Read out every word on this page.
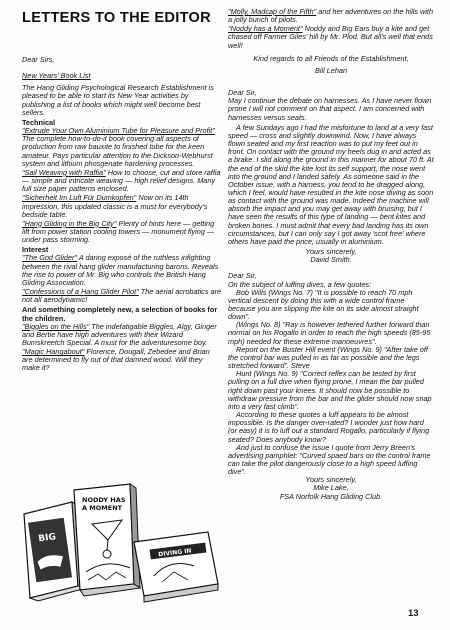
LETTERS TO THE EDITOR

Dear Sirs,

New Years' Book List

The Hang Gliding Psychological Research Establishment is pleased to be able to start its New Year activities by publishing a list of books which might well become best sellers.

Technical

"Extrude Your Own Aluminium Tube for Pleasure and Profit" The complete how-to-do-it book covering all aspects of production from raw bauxite to finished tube for the keen amateur. Pays particular attention to the Dickson-Webhurst system and lithium phosgenate hardening processes.

"Sail Weaving with Raffia" How to choose, cut and store raffia — simple and intricate weaving — high relief designs. Many full size paper patterns enclosed.

"Sicherheit Im Luft Für Dumkopfen" Now on its 14th impression, this updated classic is a must for everybody's bedside table.

"Hang Gliding in the Big City" Plenty of hints here — getting lift from power station cooling towers — monument flying — under pass storming.

Interest

"The God Glider" A daring exposé of the ruthless infighting between the rival hang glider manufacturing barons. Reveals the rise to power of Mr. Big who controls the British Hang Gliding Association.

"Confessions of a Hang Glider Pilot" The aerial acrobatics are not all aerodynamic!

And something completely new, a selection of books for the children.

"Biggles on the Hills" The indefatigable Biggles, Algy, Ginger and Bertie have high adventures with their Wizard Bumskreetch Special. A must for the adventuresome boy.

"Magic Hangabout" Florence, Dougall, Zebedee and Brian are determined to fly out of that damned wood. Will they make it?

BIG
NODDY HAS
A MOMENT
DIVING IN

"Molly, Madcap of the Fifth" and her adventures on the hills with a jolly bunch of pilots.

"Noddy has a Moment" Noddy and Big Ears buy a kite and get chased off Farmer Giles' hill by Mr. Plod. But all's well that ends well!

Kind regards to all Friends of the Establishment,

Bill Lehan

Dear Sir,

May I continue the debate on harnesses. As I have never flown prone I will not comment on that aspect. I am concerned with harnesses versus seats.

A few Sundays ago I had the misfortune to land at a very fast speed — cross and slightly downwind. Now, I have always flown seated and my first reaction was to put my feet out in front. On contact with the ground my heels dug in and acted as a brake. I slid along the ground in this manner for about 70 ft. At the end of the skid the kite lost its self support, the nose went into the ground and I landed safely. As someone said in the October issue, with a harness, you tend to be dragged along, which I feel, would have resulted in the kite nose diving as soon as contact with the ground was made. Indeed the machine will absorb the impact and you may get away with bruising, but I have seen the results of this type of landing — bent kites and broken bones. I must admit that every bad landing has its own circumstances, but I can only say I got away 'scot free' where others have paid the price, usually in aluminium.

Yours sincerely,

David Smith.

Dear Sir,

On the subject of luffing dives, a few quotes:

Bob Wills (Wings No. 7) "It is possible to reach 70 mph vertical descent by doing this with a wide control frame because you are slipping the kite on its side almost straight down".

(Wings No. 8) "Ray is however tethered further forward than normal on his Rogallo in order to reach the high speeds (85-95 mph) needed for these extreme manoeuvres".

Report on the Buster Hill event (Wings No. 9) "After take off the control bar was pulled in as far as possible and the legs stretched forward". Steve

Hunt (Wings No. 9) "Correct reflex can be tested by first pulling on a full dive when flying prone, I mean the bar pulled right down past your knees. It should now be possible to withdraw pressure from the bar and the glider should now snap into a very fast climb".

According to these quotes a luff appears to be almost impossible. Is the danger over-rated? I wonder just how hard (or easy) it is to luff out a standard Rogallo, particularly if flying seated? Does anybody know?

And just to confuse the issue I quote from Jerry Breen's advertising pamphlet: "Curved spaed bars on the control frame can take the pilot dangerously close to a high speed luffing dive".

Yours sincerely,

Mike Lake,

FSA Norfolk Hang Gliding Club.

13
